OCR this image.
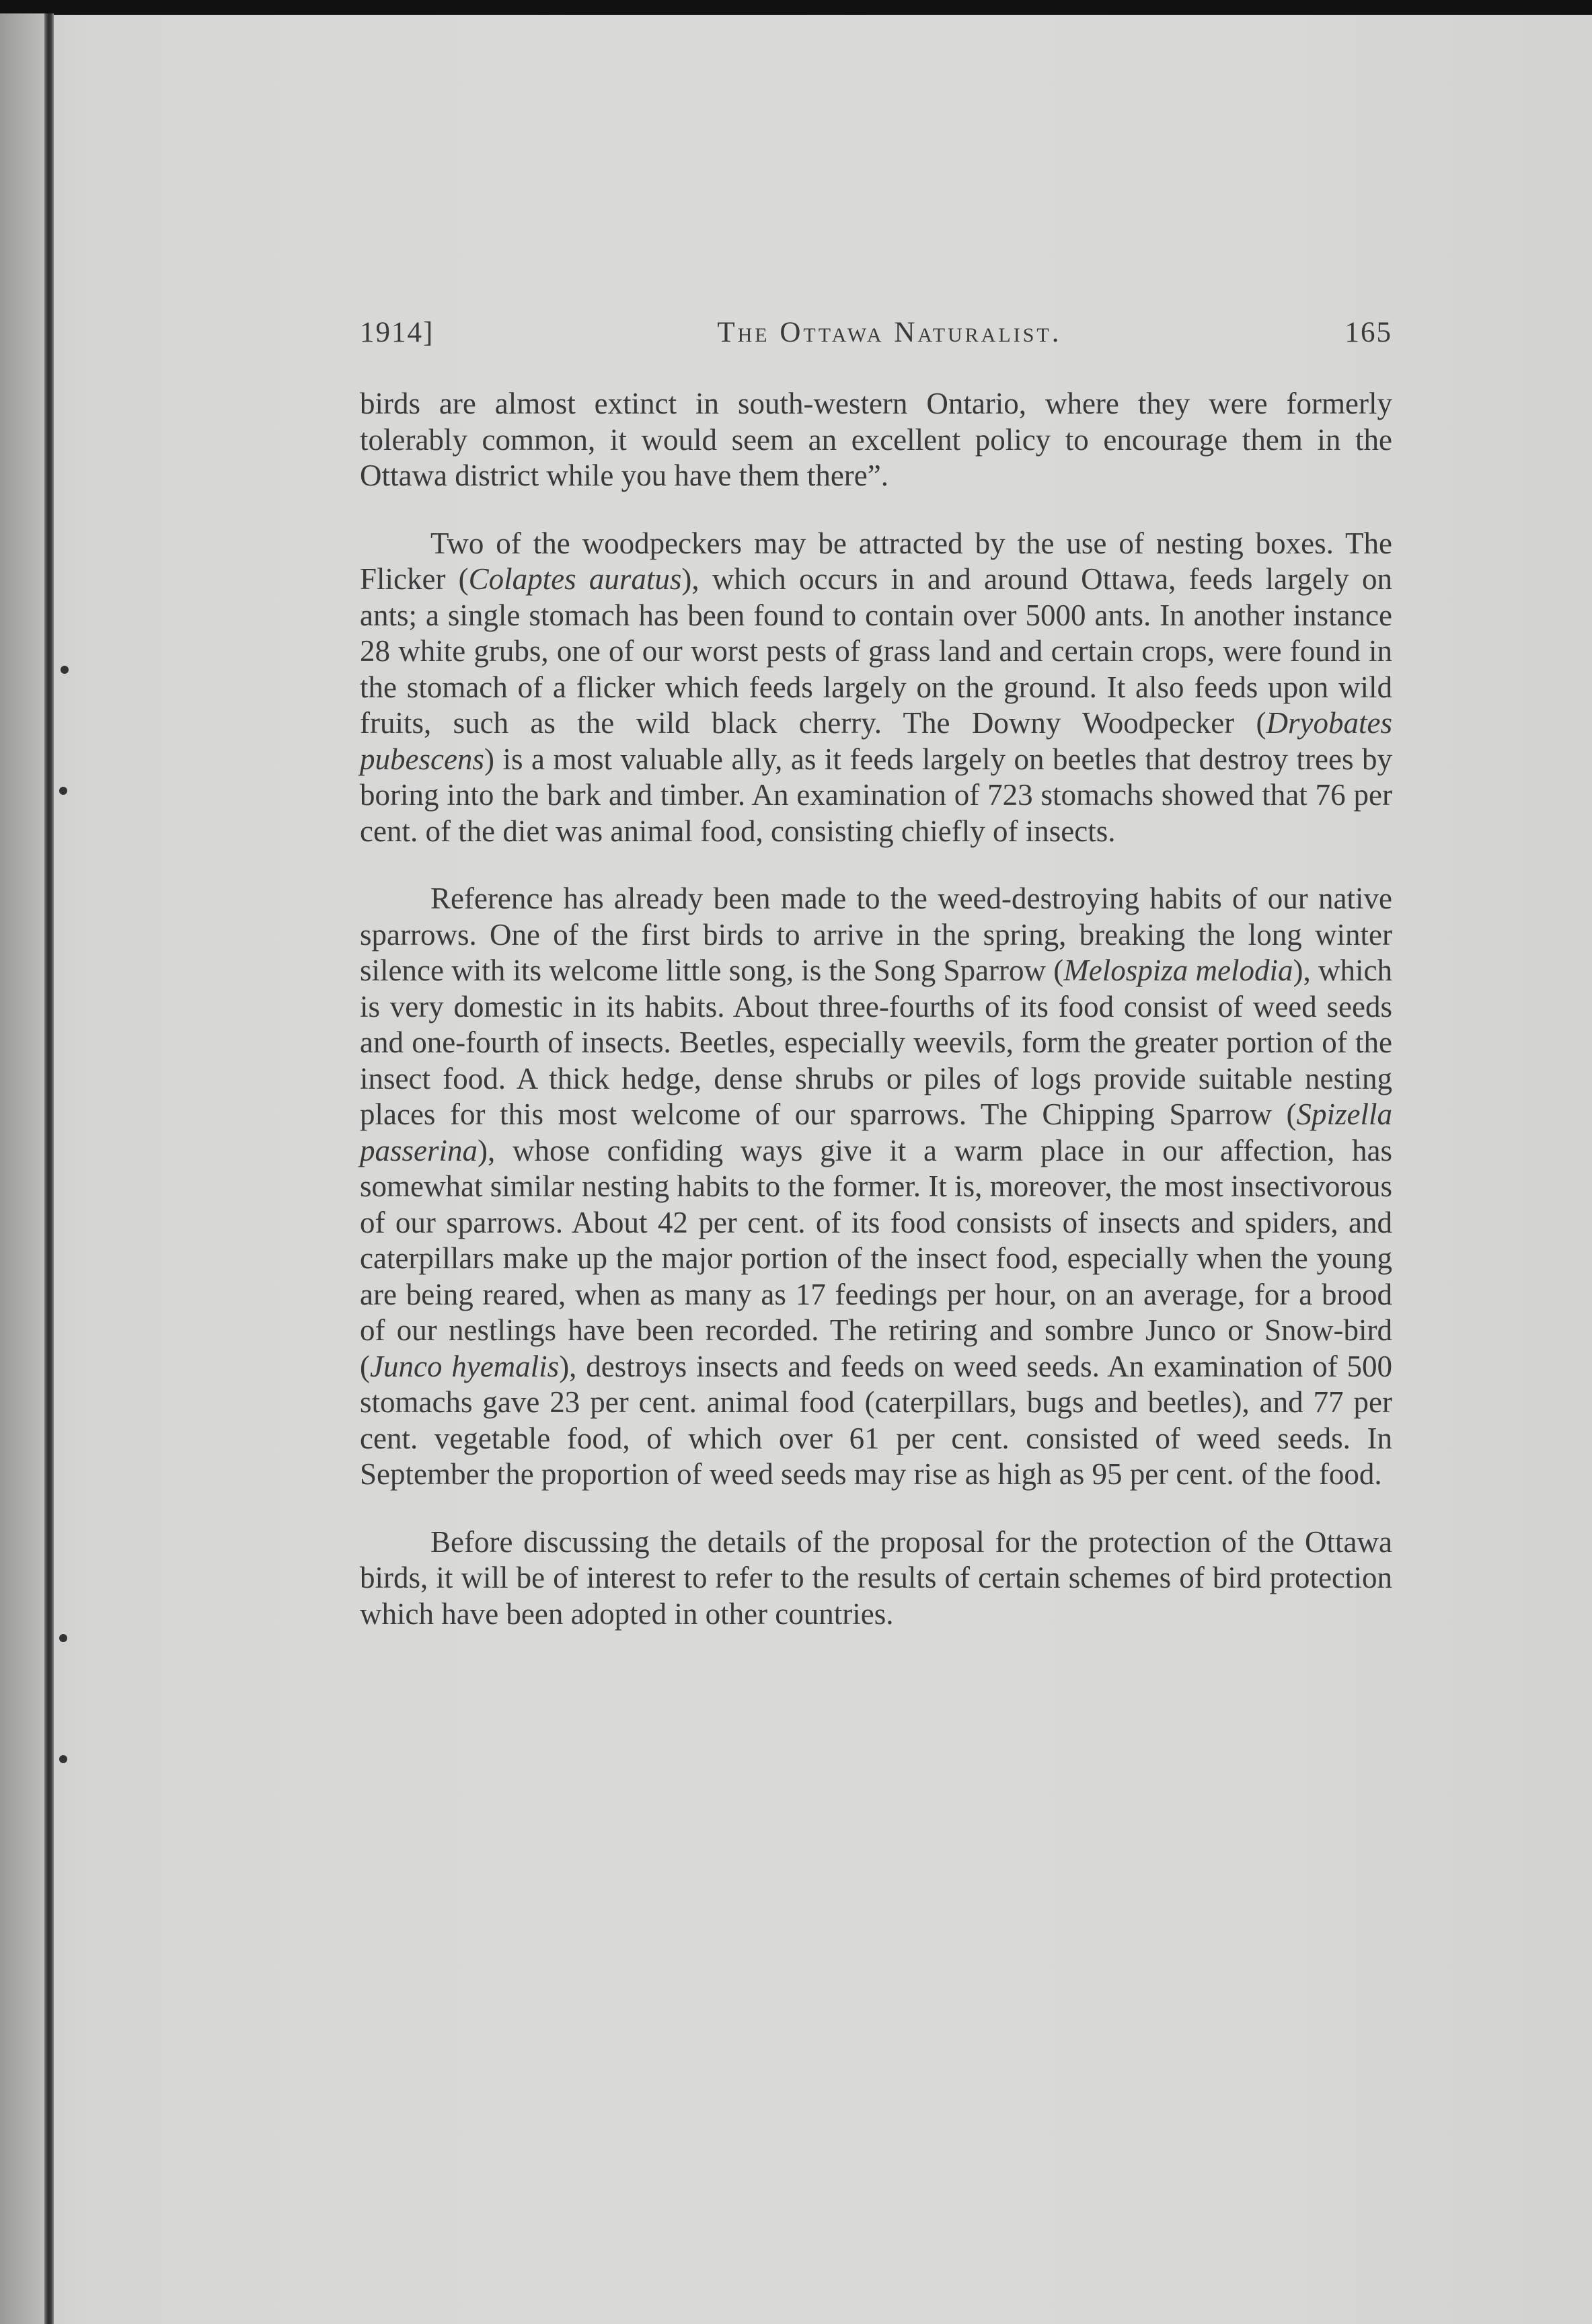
1914]	The Ottawa Naturalist.	165

birds are almost extinct in south-western Ontario, where they were formerly tolerably common, it would seem an excellent policy to encourage them in the Ottawa district while you have them there”.

Two of the woodpeckers may be attracted by the use of nesting boxes. The Flicker (Colaptes auratus), which occurs in and around Ottawa, feeds largely on ants; a single stomach has been found to contain over 5000 ants. In another instance 28 white grubs, one of our worst pests of grass land and certain crops, were found in the stomach of a flicker which feeds largely on the ground. It also feeds upon wild fruits, such as the wild black cherry. The Downy Woodpecker (Dryobates pubescens) is a most valuable ally, as it feeds largely on beetles that destroy trees by boring into the bark and timber. An examination of 723 stomachs showed that 76 per cent. of the diet was animal food, consisting chiefly of insects.

Reference has already been made to the weed-destroying habits of our native sparrows. One of the first birds to arrive in the spring, breaking the long winter silence with its welcome little song, is the Song Sparrow (Melospiza melodia), which is very domestic in its habits. About three-fourths of its food consist of weed seeds and one-fourth of insects. Beetles, especially weevils, form the greater portion of the insect food. A thick hedge, dense shrubs or piles of logs provide suitable nesting places for this most welcome of our sparrows. The Chipping Sparrow (Spizella passerina), whose confiding ways give it a warm place in our affection, has somewhat similar nesting habits to the former. It is, moreover, the most insectivorous of our sparrows. About 42 per cent. of its food consists of insects and spiders, and caterpillars make up the major portion of the insect food, especially when the young are being reared, when as many as 17 feedings per hour, on an average, for a brood of our nestlings have been recorded. The retiring and sombre Junco or Snow-bird (Junco hyemalis), destroys insects and feeds on weed seeds. An examination of 500 stomachs gave 23 per cent. animal food (caterpillars, bugs and beetles), and 77 per cent. vegetable food, of which over 61 per cent. consisted of weed seeds. In September the proportion of weed seeds may rise as high as 95 per cent. of the food.

Before discussing the details of the proposal for the protection of the Ottawa birds, it will be of interest to refer to the results of certain schemes of bird protection which have been adopted in other countries.
